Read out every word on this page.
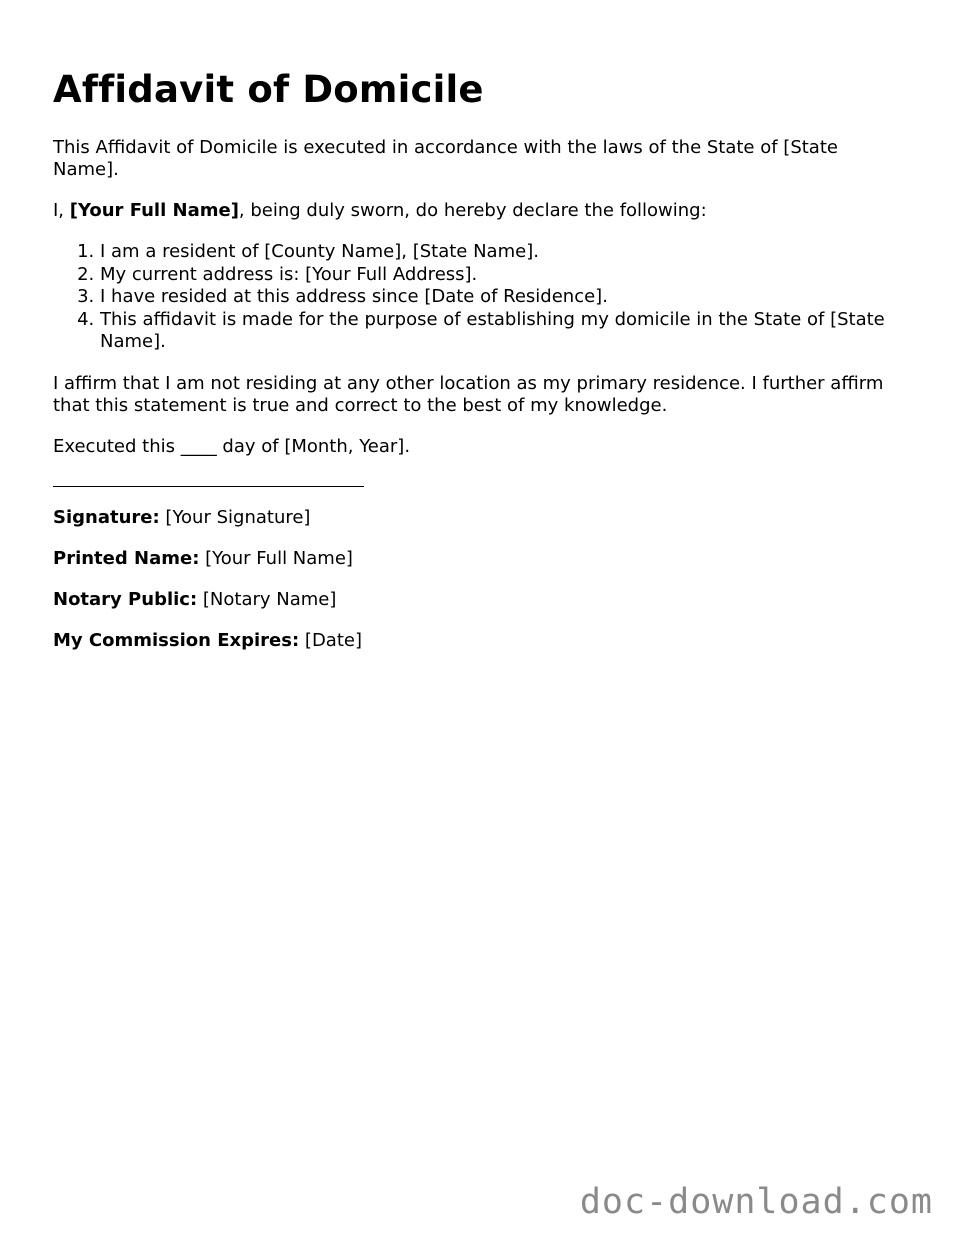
Affidavit of Domicile

This Affidavit of Domicile is executed in accordance with the laws of the State of [State Name].

I, [Your Full Name], being duly sworn, do hereby declare the following:

1. I am a resident of [County Name], [State Name].
2. My current address is: [Your Full Address].
3. I have resided at this address since [Date of Residence].
4. This affidavit is made for the purpose of establishing my domicile in the State of [State Name].

I affirm that I am not residing at any other location as my primary residence. I further affirm that this statement is true and correct to the best of my knowledge.

Executed this ____ day of [Month, Year].

Signature: [Your Signature]

Printed Name: [Your Full Name]

Notary Public: [Notary Name]

My Commission Expires: [Date]

doc-download.com
